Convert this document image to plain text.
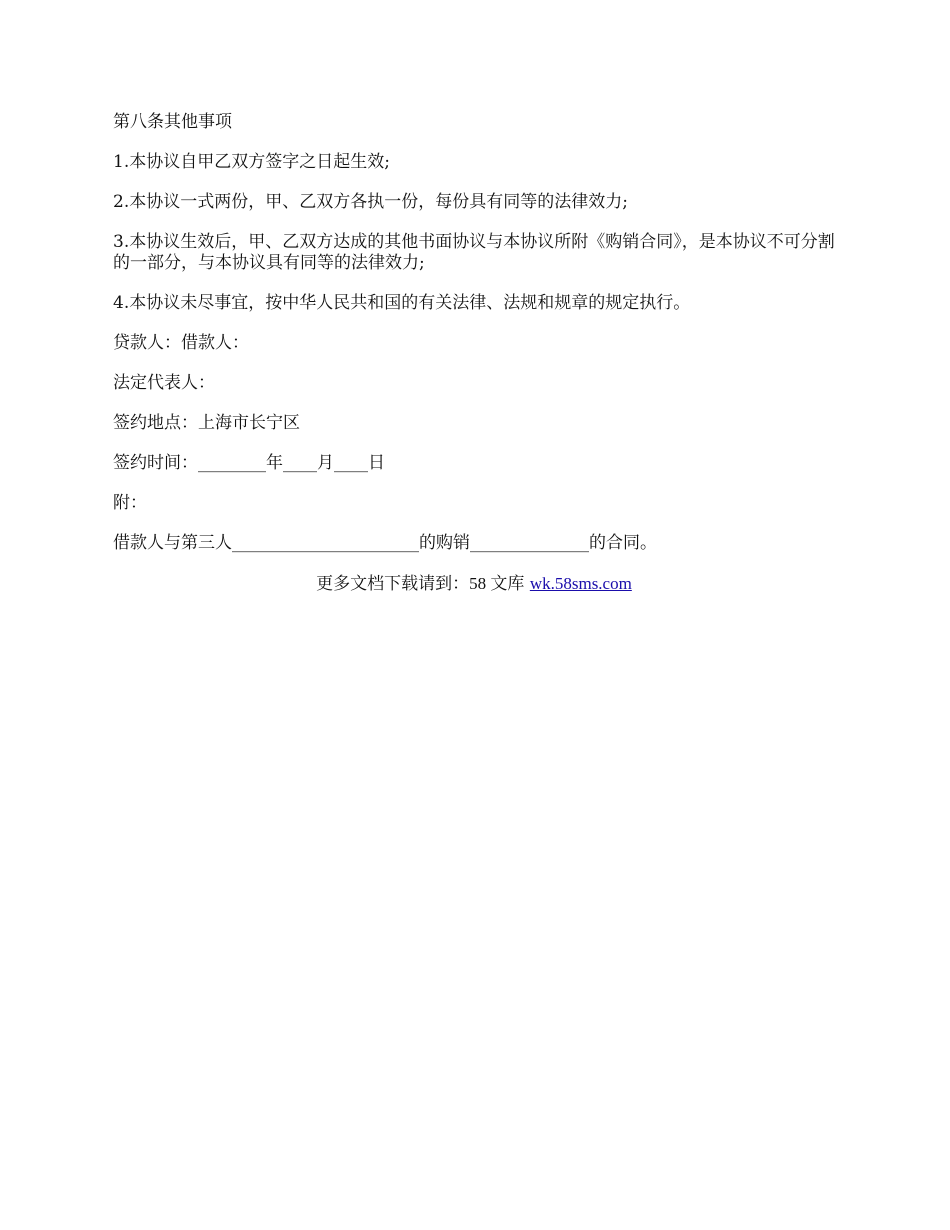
第八条其他事项

1.本协议自甲乙双方签字之日起生效;

2.本协议一式两份，甲、乙双方各执一份，每份具有同等的法律效力;

3.本协议生效后，甲、乙双方达成的其他书面协议与本协议所附《购销合同》，是本协议不可分割的一部分，与本协议具有同等的法律效力;

4.本协议未尽事宜，按中华人民共和国的有关法律、法规和规章的规定执行。

贷款人：借款人：

法定代表人：

签约地点：上海市长宁区

签约时间：________年____月____日

附：

借款人与第三人______________________的购销______________的合同。

更多文档下载请到：58 文库 wk.58sms.com
